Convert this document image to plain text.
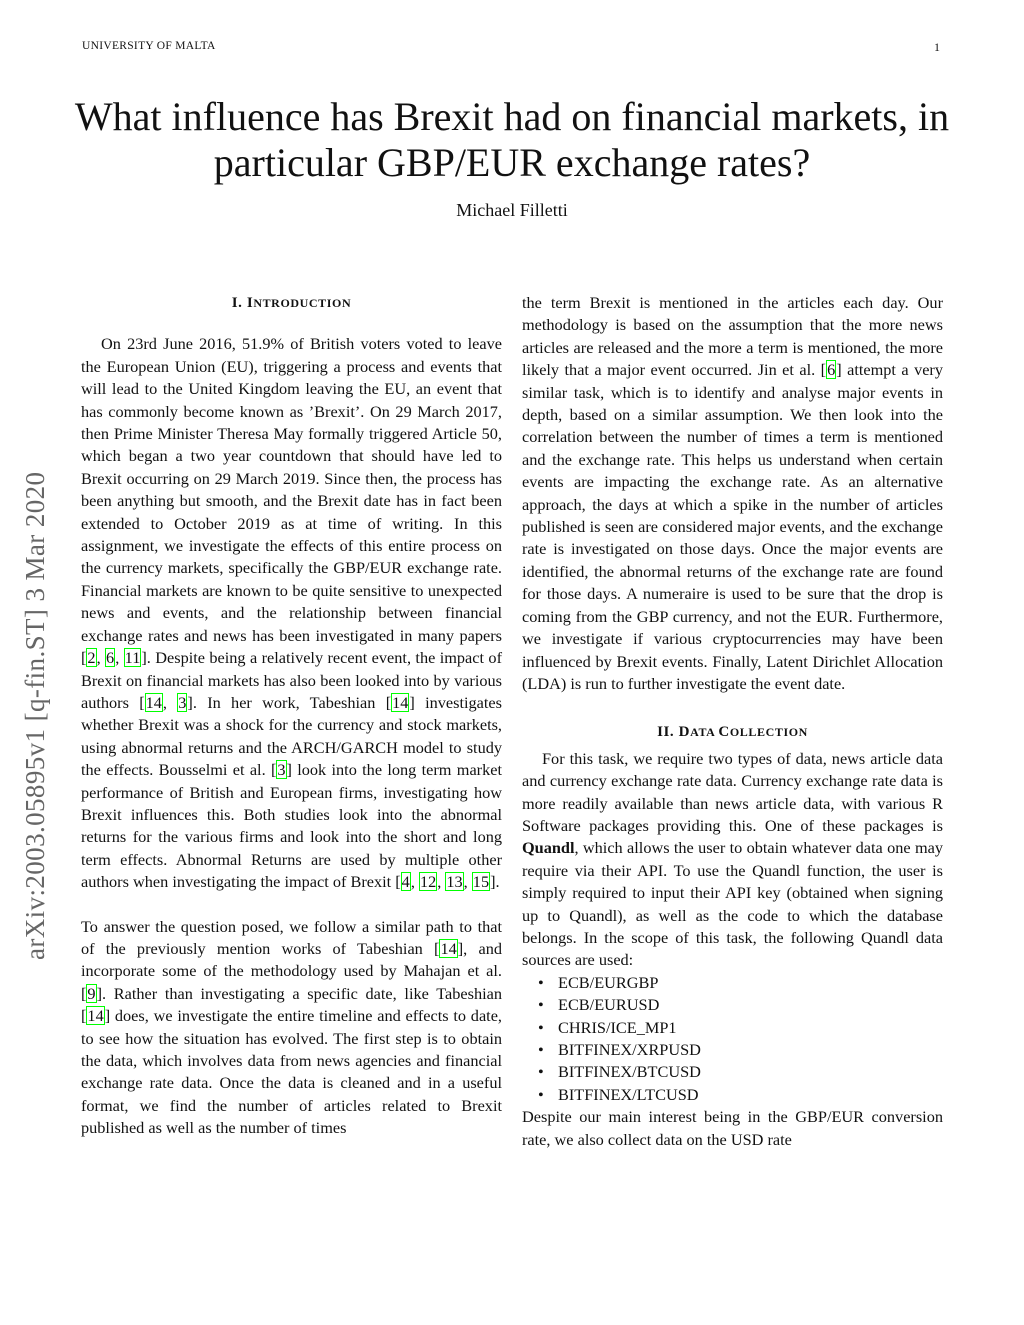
UNIVERSITY OF MALTA	1
What influence has Brexit had on financial markets, in particular GBP/EUR exchange rates?
Michael Filletti
arXiv:2003.05895v1 [q-fin.ST] 3 Mar 2020
I. INTRODUCTION

On 23rd June 2016, 51.9% of British voters voted to leave the European Union (EU), triggering a process and events that will lead to the United Kingdom leaving the EU, an event that has commonly become known as ’Brexit’. On 29 March 2017, then Prime Minister Theresa May formally triggered Article 50, which began a two year countdown that should have led to Brexit occurring on 29 March 2019. Since then, the process has been anything but smooth, and the Brexit date has in fact been extended to October 2019 as at time of writing. In this assignment, we investigate the effects of this entire process on the currency markets, specifically the GBP/EUR exchange rate. Financial markets are known to be quite sensitive to unexpected news and events, and the relationship between financial exchange rates and news has been investigated in many papers [2, 6, 11]. Despite being a relatively recent event, the impact of Brexit on financial markets has also been looked into by various authors [14, 3]. In her work, Tabeshian [14] investigates whether Brexit was a shock for the currency and stock markets, using abnormal returns and the ARCH/GARCH model to study the effects. Bousselmi et al. [3] look into the long term market performance of British and European firms, investigating how Brexit influences this. Both studies look into the abnormal returns for the various firms and look into the short and long term effects. Abnormal Returns are used by multiple other authors when investigating the impact of Brexit [4, 12, 13, 15].

To answer the question posed, we follow a similar path to that of the previously mention works of Tabeshian [14], and incorporate some of the methodology used by Mahajan et al. [9]. Rather than investigating a specific date, like Tabeshian [14] does, we investigate the entire timeline and effects to date, to see how the situation has evolved. The first step is to obtain the data, which involves data from news agencies and financial exchange rate data. Once the data is cleaned and in a useful format, we find the number of articles related to Brexit published as well as the number of times

the term Brexit is mentioned in the articles each day. Our methodology is based on the assumption that the more news articles are released and the more a term is mentioned, the more likely that a major event occurred. Jin et al. [6] attempt a very similar task, which is to identify and analyse major events in depth, based on a similar assumption. We then look into the correlation between the number of times a term is mentioned and the exchange rate. This helps us understand when certain events are impacting the exchange rate. As an alternative approach, the days at which a spike in the number of articles published is seen are considered major events, and the exchange rate is investigated on those days. Once the major events are identified, the abnormal returns of the exchange rate are found for those days. A numeraire is used to be sure that the drop is coming from the GBP currency, and not the EUR. Furthermore, we investigate if various cryptocurrencies may have been influenced by Brexit events. Finally, Latent Dirichlet Allocation (LDA) is run to further investigate the event date.

II. DATA COLLECTION

For this task, we require two types of data, news article data and currency exchange rate data. Currency exchange rate data is more readily available than news article data, with various R Software packages providing this. One of these packages is Quandl, which allows the user to obtain whatever data one may require via their API. To use the Quandl function, the user is simply required to input their API key (obtained when signing up to Quandl), as well as the code to which the database belongs. In the scope of this task, the following Quandl data sources are used:

• ECB/EURGBP
• ECB/EURUSD
• CHRIS/ICE_MP1
• BITFINEX/XRPUSD
• BITFINEX/BTCUSD
• BITFINEX/LTCUSD

Despite our main interest being in the GBP/EUR conversion rate, we also collect data on the USD rate
